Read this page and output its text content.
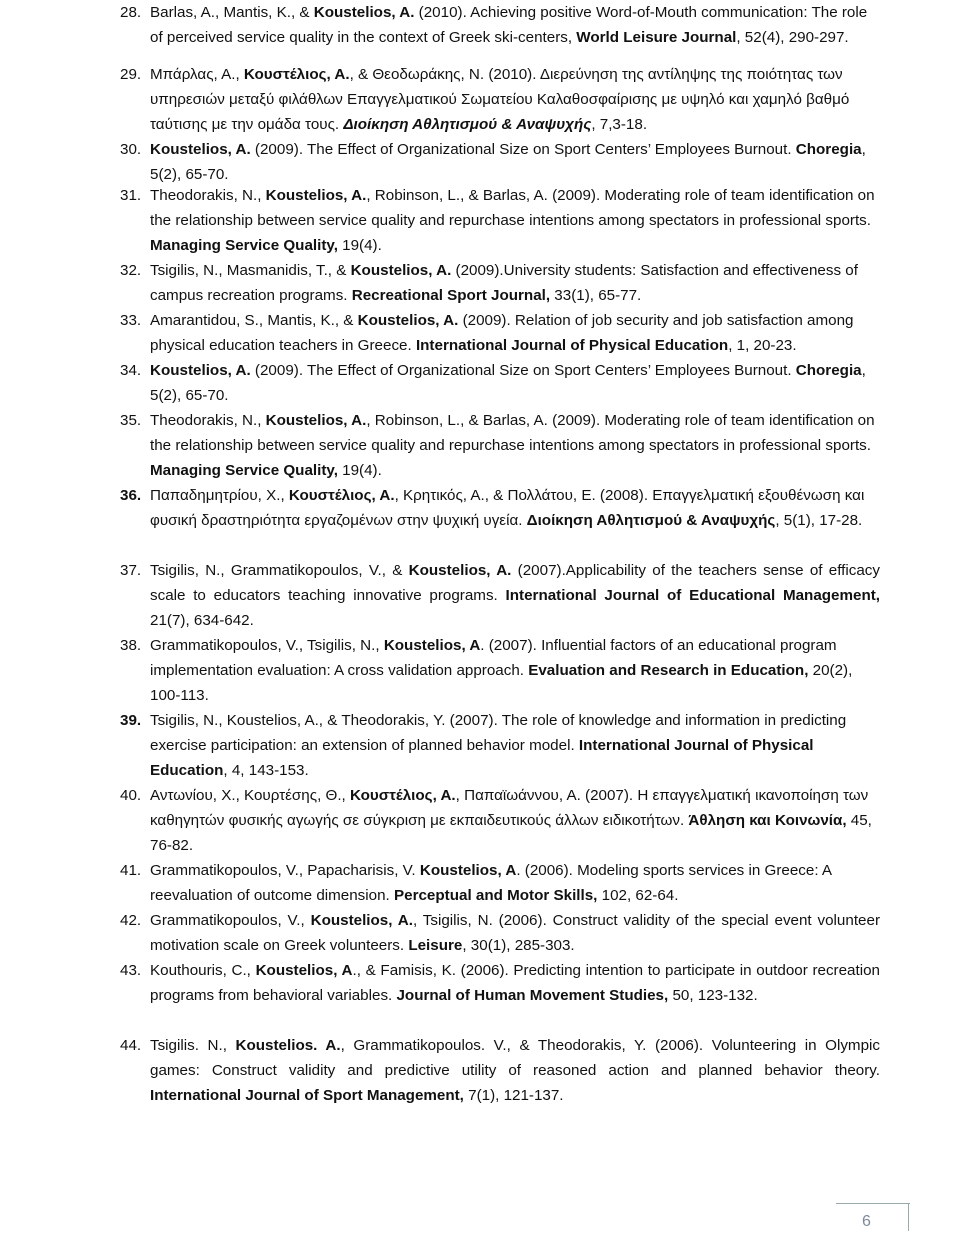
28. Barlas, A., Mantis, K., & Koustelios, A. (2010). Achieving positive Word-of-Mouth communication: The role of perceived service quality in the context of Greek ski-centers, World Leisure Journal, 52(4), 290-297.
29. Μπάρλας, Α., Κουστέλιος, Α., & Θεοδωράκης, Ν. (2010). Διερεύνηση της αντίληψης της ποιότητας των υπηρεσιών μεταξύ φιλάθλων Επαγγελματικού Σωματείου Καλαθοσφαίρισης με υψηλό και χαμηλό βαθμό ταύτισης με την ομάδα τους. Διοίκηση Αθλητισμού & Αναψυχής, 7,3-18.
30. Koustelios, A. (2009). The Effect of Organizational Size on Sport Centers’ Employees Burnout. Choregia, 5(2), 65-70.
31. Theodorakis, N., Koustelios, A., Robinson, L., & Barlas, A. (2009). Moderating role of team identification on the relationship between service quality and repurchase intentions among spectators in professional sports. Managing Service Quality, 19(4).
32. Tsigilis, N., Masmanidis, T., & Koustelios, A. (2009).University students: Satisfaction and effectiveness of campus recreation programs. Recreational Sport Journal, 33(1), 65-77.
33. Amarantidou, S., Mantis, K., & Koustelios, A. (2009). Relation of job security and job satisfaction among physical education teachers in Greece. International Journal of Physical Education, 1, 20-23.
34. Koustelios, A. (2009). The Effect of Organizational Size on Sport Centers’ Employees Burnout. Choregia, 5(2), 65-70.
35. Theodorakis, N., Koustelios, A., Robinson, L., & Barlas, A. (2009). Moderating role of team identification on the relationship between service quality and repurchase intentions among spectators in professional sports. Managing Service Quality, 19(4).
36. Παπαδημητρίου, Χ., Κουστέλιος, Α., Κρητικός, Α., & Πολλάτου, Ε. (2008). Επαγγελματική εξουθένωση και φυσική δραστηριότητα εργαζομένων στην ψυχική υγεία. Διοίκηση Αθλητισμού & Αναψυχής, 5(1), 17-28.
37. Tsigilis, N., Grammatikopoulos, V., & Koustelios, A. (2007).Applicability of the teachers sense of efficacy scale to educators teaching innovative programs. International Journal of Educational Management, 21(7), 634-642.
38. Grammatikopoulos, V., Tsigilis, N., Koustelios, A. (2007). Influential factors of an educational program implementation evaluation: A cross validation approach. Evaluation and Research in Education, 20(2), 100-113.
39. Tsigilis, N., Koustelios, A., & Theodorakis, Y. (2007). The role of knowledge and information in predicting exercise participation: an extension of planned behavior model. International Journal of Physical Education, 4, 143-153.
40. Αντωνίου, Χ., Κουρτέσης, Θ., Κουστέλιος, Α., Παπαϊωάννου, Α. (2007). Η επαγγελματική ικανοποίηση των καθηγητών φυσικής αγωγής σε σύγκριση με εκπαιδευτικούς άλλων ειδικοτήτων. Άθληση και Κοινωνία, 45, 76-82.
41. Grammatikopoulos, V., Papacharisis, V. Koustelios, A. (2006). Modeling sports services in Greece: A reevaluation of outcome dimension. Perceptual and Motor Skills, 102, 62-64.
42. Grammatikopoulos, V., Koustelios, A., Tsigilis, N. (2006). Construct validity of the special event volunteer motivation scale on Greek volunteers. Leisure, 30(1), 285-303.
43. Kouthouris, C., Koustelios, A., & Famisis, K. (2006). Predicting intention to participate in outdoor recreation programs from behavioral variables. Journal of Human Movement Studies, 50, 123-132.
44. Tsigilis. N., Koustelios. A., Grammatikopoulos. V., & Theodorakis, Y. (2006). Volunteering in Olympic games: Construct validity and predictive utility of reasoned action and planned behavior theory. International Journal of Sport Management, 7(1), 121-137.
6
